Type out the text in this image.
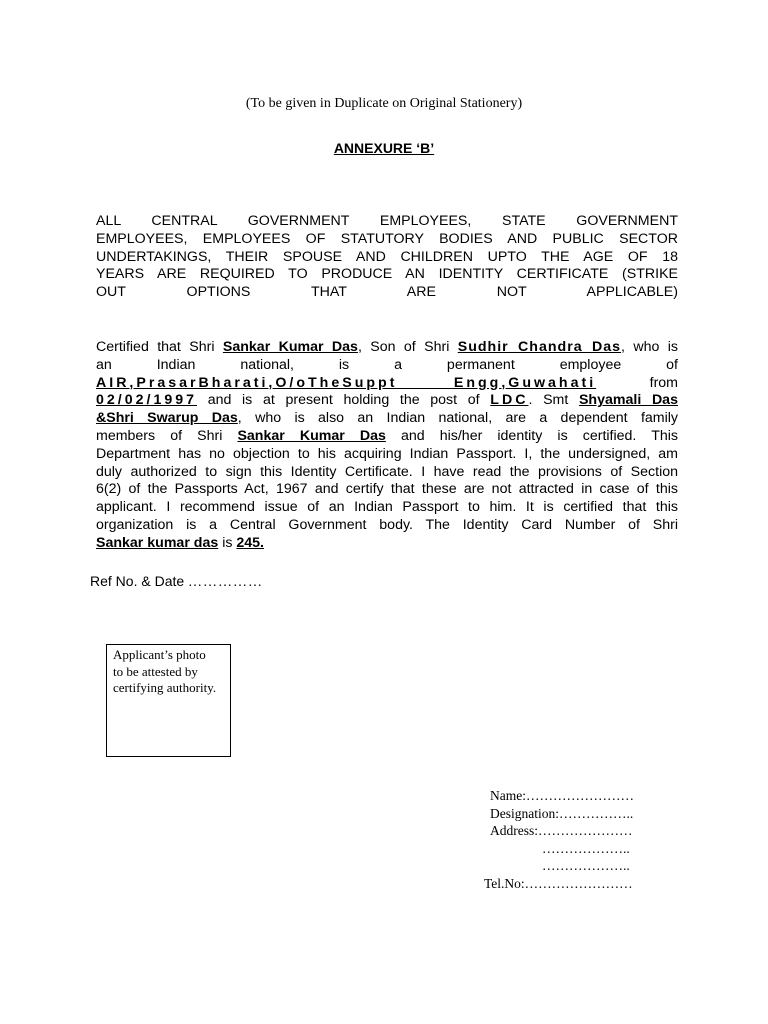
(To be given in Duplicate on Original Stationery)
ANNEXURE ‘B’
ALL CENTRAL GOVERNMENT EMPLOYEES, STATE GOVERNMENT
EMPLOYEES, EMPLOYEES OF STATUTORY BODIES AND PUBLIC SECTOR
UNDERTAKINGS, THEIR SPOUSE AND CHILDREN UPTO THE AGE OF 18
YEARS ARE REQUIRED TO PRODUCE AN IDENTITY CERTIFICATE (STRIKE
OUT OPTIONS THAT ARE NOT APPLICABLE)
Certified that Shri Sankar Kumar Das, Son of Shri Sudhir Chandra Das, who is
an Indian national, is a permanent employee of
AIR,PrasarBharati,O/oTheSuppt Engg,Guwahati from
02/02/1997 and is at present holding the post of LDC. Smt Shyamali Das
&Shri Swarup Das, who is also an Indian national, are a dependent family
members of Shri Sankar Kumar Das and his/her identity is certified. This
Department has no objection to his acquiring Indian Passport. I, the undersigned, am
duly authorized to sign this Identity Certificate. I have read the provisions of Section
6(2) of the Passports Act, 1967 and certify that these are not attracted in case of this
applicant. I recommend issue of an Indian Passport to him. It is certified that this
organization is a Central Government body. The Identity Card Number of Shri
Sankar kumar das is 245.
Ref No. & Date ……………
Applicant’s photo
to be attested by
certifying authority.
Name:……………………
Designation:……………..
Address:…………………
………………..
………………..
Tel.No:……………………
